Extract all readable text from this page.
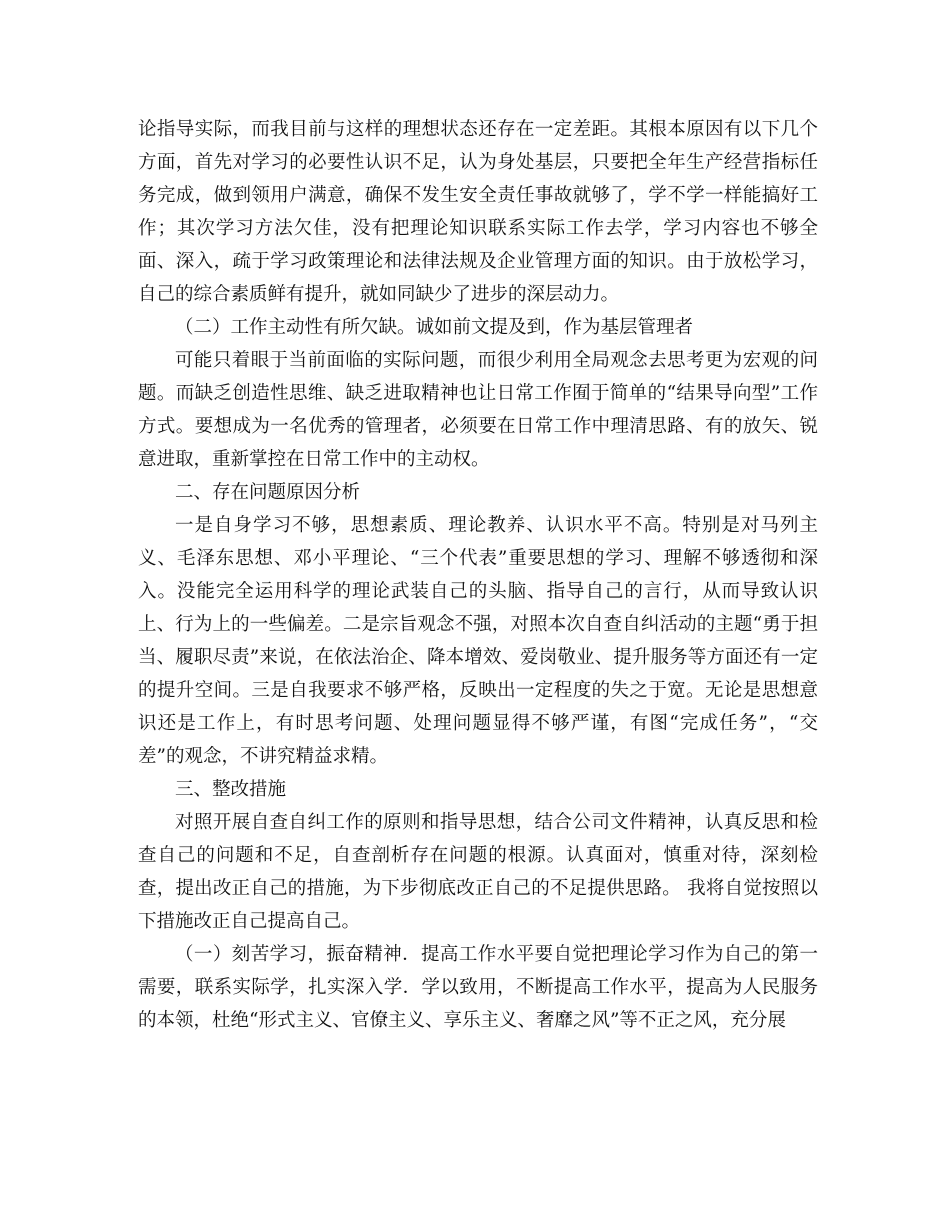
论指导实际，而我目前与这样的理想状态还存在一定差距。其根本原因有以下几个方面，首先对学习的必要性认识不足，认为身处基层，只要把全年生产经营指标任务完成，做到领用户满意，确保不发生安全责任事故就够了，学不学一样能搞好工作；其次学习方法欠佳，没有把理论知识联系实际工作去学，学习内容也不够全面、深入，疏于学习政策理论和法律法规及企业管理方面的知识。由于放松学习，自己的综合素质鲜有提升，就如同缺少了进步的深层动力。

（二）工作主动性有所欠缺。诚如前文提及到，作为基层管理者

可能只着眼于当前面临的实际问题，而很少利用全局观念去思考更为宏观的问题。而缺乏创造性思维、缺乏进取精神也让日常工作囿于简单的“结果导向型”工作方式。要想成为一名优秀的管理者，必须要在日常工作中理清思路、有的放矢、锐意进取，重新掌控在日常工作中的主动权。

二、存在问题原因分析

一是自身学习不够，思想素质、理论教养、认识水平不高。特别是对马列主义、毛泽东思想、邓小平理论、“三个代表”重要思想的学习、理解不够透彻和深入。没能完全运用科学的理论武装自己的头脑、指导自己的言行，从而导致认识上、行为上的一些偏差。二是宗旨观念不强，对照本次自查自纠活动的主题“勇于担当、履职尽责”来说，在依法治企、降本增效、爱岗敬业、提升服务等方面还有一定的提升空间。三是自我要求不够严格，反映出一定程度的失之于宽。无论是思想意识还是工作上，有时思考问题、处理问题显得不够严谨，有图“完成任务”，“交差”的观念，不讲究精益求精。

三、整改措施

对照开展自查自纠工作的原则和指导思想，结合公司文件精神，认真反思和检查自己的问题和不足，自查剖析存在问题的根源。认真面对，慎重对待，深刻检查，提出改正自己的措施，为下步彻底改正自己的不足提供思路。 我将自觉按照以下措施改正自己提高自己。

（一）刻苦学习，振奋精神．提高工作水平要自觉把理论学习作为自己的第一需要，联系实际学，扎实深入学．学以致用，不断提高工作水平，提高为人民服务的本领，杜绝“形式主义、官僚主义、享乐主义、奢靡之风”等不正之风，充分展
